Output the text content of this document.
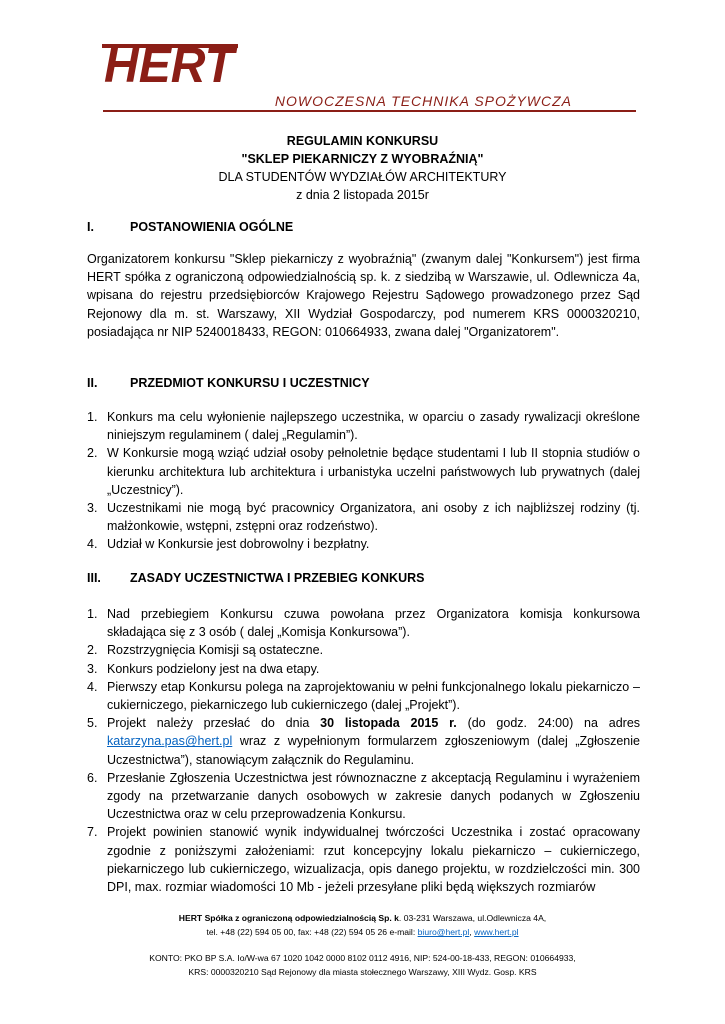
HERT
NOWOCZESNA TECHNIKA SPOŻYWCZA
REGULAMIN KONKURSU
"SKLEP PIEKARNICZY Z WYOBRAŹNIĄ"
DLA STUDENTÓW WYDZIAŁÓW ARCHITEKTURY
z dnia 2 listopada 2015r
I.	POSTANOWIENIA OGÓLNE
Organizatorem konkursu "Sklep piekarniczy z wyobraźnią" (zwanym dalej "Konkursem") jest firma HERT spółka z ograniczoną odpowiedzialnością sp. k. z siedzibą w Warszawie, ul. Odlewnicza 4a, wpisana do rejestru przedsiębiorców Krajowego Rejestru Sądowego prowadzonego przez Sąd Rejonowy dla m. st. Warszawy, XII Wydział Gospodarczy, pod numerem KRS 0000320210, posiadająca nr NIP 5240018433, REGON: 010664933, zwana dalej "Organizatorem".
II.	PRZEDMIOT KONKURSU I UCZESTNICY
1. Konkurs ma celu wyłonienie najlepszego uczestnika, w oparciu o zasady rywalizacji określone niniejszym regulaminem ( dalej „Regulamin”).
2. W Konkursie mogą wziąć udział osoby pełnoletnie będące studentami I lub II stopnia studiów o kierunku architektura lub architektura i urbanistyka uczelni państwowych lub prywatnych (dalej „Uczestnicy”).
3. Uczestnikami nie mogą być pracownicy Organizatora, ani osoby z ich najbliższej rodziny (tj. małżonkowie, wstępni, zstępni oraz rodzeństwo).
4. Udział w Konkursie jest dobrowolny i bezpłatny.
III. ZASADY UCZESTNICTWA I PRZEBIEG KONKURS
1. Nad przebiegiem Konkursu czuwa powołana przez Organizatora komisja konkursowa składająca się z 3 osób ( dalej „Komisja Konkursowa”).
2. Rozstrzygnięcia Komisji są ostateczne.
3. Konkurs podzielony jest na dwa etapy.
4. Pierwszy etap Konkursu polega na zaprojektowaniu w pełni funkcjonalnego lokalu piekarniczo – cukierniczego, piekarniczego lub cukierniczego (dalej „Projekt”).
5. Projekt należy przesłać do dnia 30 listopada 2015 r. (do godz. 24:00) na adres katarzyna.pas@hert.pl wraz z wypełnionym formularzem zgłoszeniowym (dalej „Zgłoszenie Uczestnictwa”), stanowiącym załącznik do Regulaminu.
6. Przesłanie Zgłoszenia Uczestnictwa jest równoznaczne z akceptacją Regulaminu i wyrażeniem zgody na przetwarzanie danych osobowych w zakresie danych podanych w Zgłoszeniu Uczestnictwa oraz w celu przeprowadzenia Konkursu.
7. Projekt powinien stanowić wynik indywidualnej twórczości Uczestnika i zostać opracowany zgodnie z poniższymi założeniami: rzut koncepcyjny lokalu piekarniczo – cukierniczego, piekarniczego lub cukierniczego, wizualizacja, opis danego projektu, w rozdzielczości min. 300 DPI, max. rozmiar wiadomości 10 Mb - jeżeli przesyłane pliki będą większych rozmiarów
HERT Spółka z ograniczoną odpowiedzialnością Sp. k. 03-231 Warszawa, ul.Odlewnicza 4A,
tel. +48 (22) 594 05 00, fax: +48 (22) 594 05 26 e-mail: biuro@hert.pl, www.hert.pl
KONTO: PKO BP S.A. Io/W-wa 67 1020 1042 0000 8102 0112 4916, NIP: 524-00-18-433, REGON: 010664933,
KRS: 0000320210 Sąd Rejonowy dla miasta stołecznego Warszawy, XIII Wydz. Gosp. KRS
